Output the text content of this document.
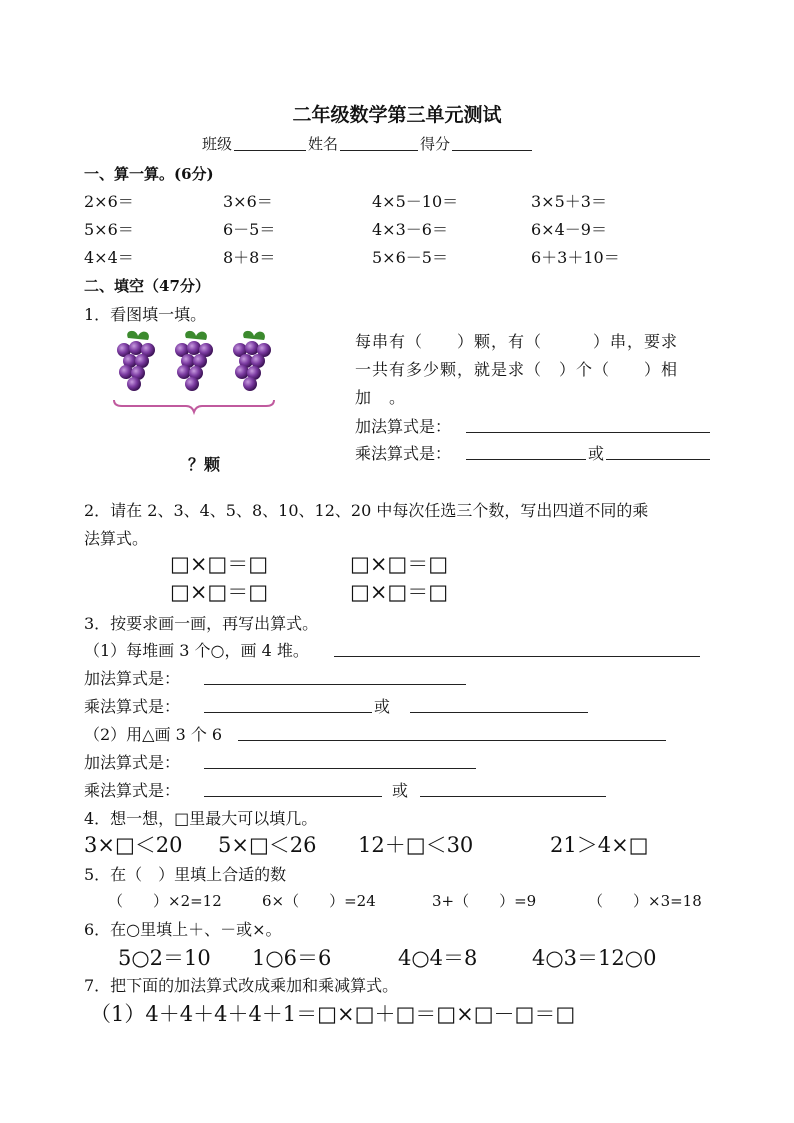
二年级数学第三单元测试
班级	姓名	得分
一、算一算。(6分)
2×6＝	3×6＝	4×5－10＝	3×5＋3＝
5×6＝	6－5＝	4×3－6＝	6×4－9＝
4×4＝	8＋8＝	5×6－5＝	6＋3＋10＝
二、填空（47分）
1．看图填一填。
？颗
每串有（　　）颗，有（　　　）串，要求
一共有多少颗，就是求（　）个（　　）相
加　。
加法算式是：
乘法算式是：	或
2．请在 2、3、4、5、8、10、12、20 中每次任选三个数，写出四道不同的乘
法算式。
□×□＝□	□×□＝□
□×□＝□	□×□＝□
3．按要求画一画，再写出算式。
（1）每堆画 3 个○，画 4 堆。
加法算式是：
乘法算式是：	或
（2）用△画 3 个 6
加法算式是：
乘法算式是：	或
4．想一想，□里最大可以填几。
3×□＜20 5×□＜26 12＋□＜30	21＞4×□
5．在（　）里填上合适的数
（　　）×2=12	6×（　　）=24	3+（　　）=9	（　　）×3=18
6．在○里填上＋、－或×。
5○2＝10 1○6＝6	4○4＝8	4○3＝12○0
7．把下面的加法算式改成乘加和乘减算式。
（1）4＋4＋4＋4＋1＝□×□＋□＝□×□－□＝□
